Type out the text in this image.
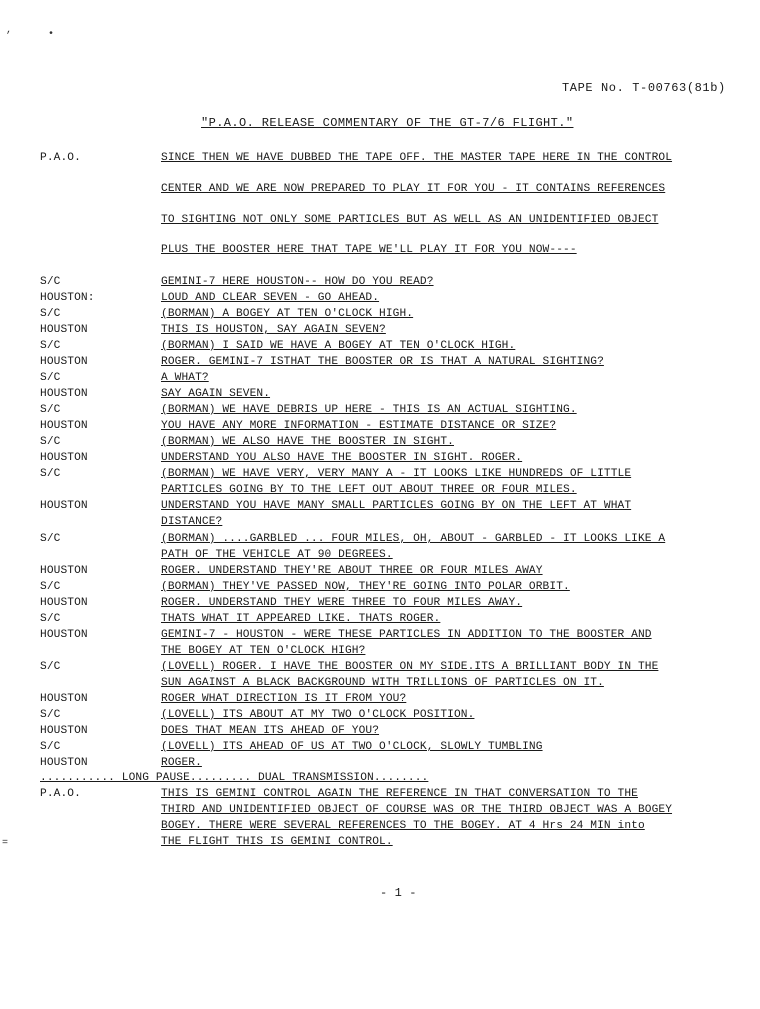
,	•
=
TAPE No. T-00763(81b)
"P.A.O. RELEASE COMMENTARY OF THE GT-7/6 FLIGHT."
P.A.O.	SINCE THEN WE HAVE DUBBED THE TAPE OFF. THE MASTER TAPE HERE IN THE CONTROL
CENTER AND WE ARE NOW PREPARED TO PLAY IT FOR YOU - IT CONTAINS REFERENCES
TO SIGHTING NOT ONLY SOME PARTICLES BUT AS WELL AS AN UNIDENTIFIED OBJECT
PLUS THE BOOSTER HERE THAT TAPE WE'LL PLAY IT FOR YOU NOW----
S/C	GEMINI-7 HERE HOUSTON-- HOW DO YOU READ?
HOUSTON:	LOUD AND CLEAR SEVEN - GO AHEAD.
S/C	(BORMAN) A BOGEY AT TEN O'CLOCK HIGH.
HOUSTON	THIS IS HOUSTON, SAY AGAIN SEVEN?
S/C	(BORMAN) I SAID WE HAVE A BOGEY AT TEN O'CLOCK HIGH.
HOUSTON	ROGER. GEMINI-7 ISTHAT THE BOOSTER OR IS THAT A NATURAL SIGHTING?
S/C	A WHAT?
HOUSTON	SAY AGAIN SEVEN.
S/C	(BORMAN) WE HAVE DEBRIS UP HERE - THIS IS AN ACTUAL SIGHTING.
HOUSTON	YOU HAVE ANY MORE INFORMATION - ESTIMATE DISTANCE OR SIZE?
S/C	(BORMAN) WE ALSO HAVE THE BOOSTER IN SIGHT.
HOUSTON	UNDERSTAND YOU ALSO HAVE THE BOOSTER IN SIGHT. ROGER.
S/C	(BORMAN) WE HAVE VERY, VERY MANY A - IT LOOKS LIKE HUNDREDS OF LITTLE
PARTICLES GOING BY TO THE LEFT OUT ABOUT THREE OR FOUR MILES.
HOUSTON	UNDERSTAND YOU HAVE MANY SMALL PARTICLES GOING BY ON THE LEFT AT WHAT
DISTANCE?
S/C	(BORMAN) ....GARBLED ... FOUR MILES, OH, ABOUT - GARBLED - IT LOOKS LIKE A
PATH OF THE VEHICLE AT 90 DEGREES.
HOUSTON	ROGER. UNDERSTAND THEY'RE ABOUT THREE OR FOUR MILES AWAY
S/C	(BORMAN) THEY'VE PASSED NOW, THEY'RE GOING INTO POLAR ORBIT.
HOUSTON	ROGER. UNDERSTAND THEY WERE THREE TO FOUR MILES AWAY.
S/C	THATS WHAT IT APPEARED LIKE. THATS ROGER.
HOUSTON	GEMINI-7 - HOUSTON - WERE THESE PARTICLES IN ADDITION TO THE BOOSTER AND
THE BOGEY AT TEN O'CLOCK HIGH?
S/C	(LOVELL) ROGER. I HAVE THE BOOSTER ON MY SIDE.ITS A BRILLIANT BODY IN THE
SUN AGAINST A BLACK BACKGROUND WITH TRILLIONS OF PARTICLES ON IT.
HOUSTON	ROGER WHAT DIRECTION IS IT FROM YOU?
S/C	(LOVELL) ITS ABOUT AT MY TWO O'CLOCK POSITION.
HOUSTON	DOES THAT MEAN ITS AHEAD OF YOU?
S/C	(LOVELL) ITS AHEAD OF US AT TWO O'CLOCK, SLOWLY TUMBLING
HOUSTON	ROGER.
........... LONG PAUSE......... DUAL TRANSMISSION........
P.A.O.	THIS IS GEMINI CONTROL AGAIN THE REFERENCE IN THAT CONVERSATION TO THE
THIRD AND UNIDENTIFIED OBJECT OF COURSE WAS OR THE THIRD OBJECT WAS A BOGEY
BOGEY. THERE WERE SEVERAL REFERENCES TO THE BOGEY. AT 4 Hrs 24 MIN into
THE FLIGHT THIS IS GEMINI CONTROL.
- 1 -
